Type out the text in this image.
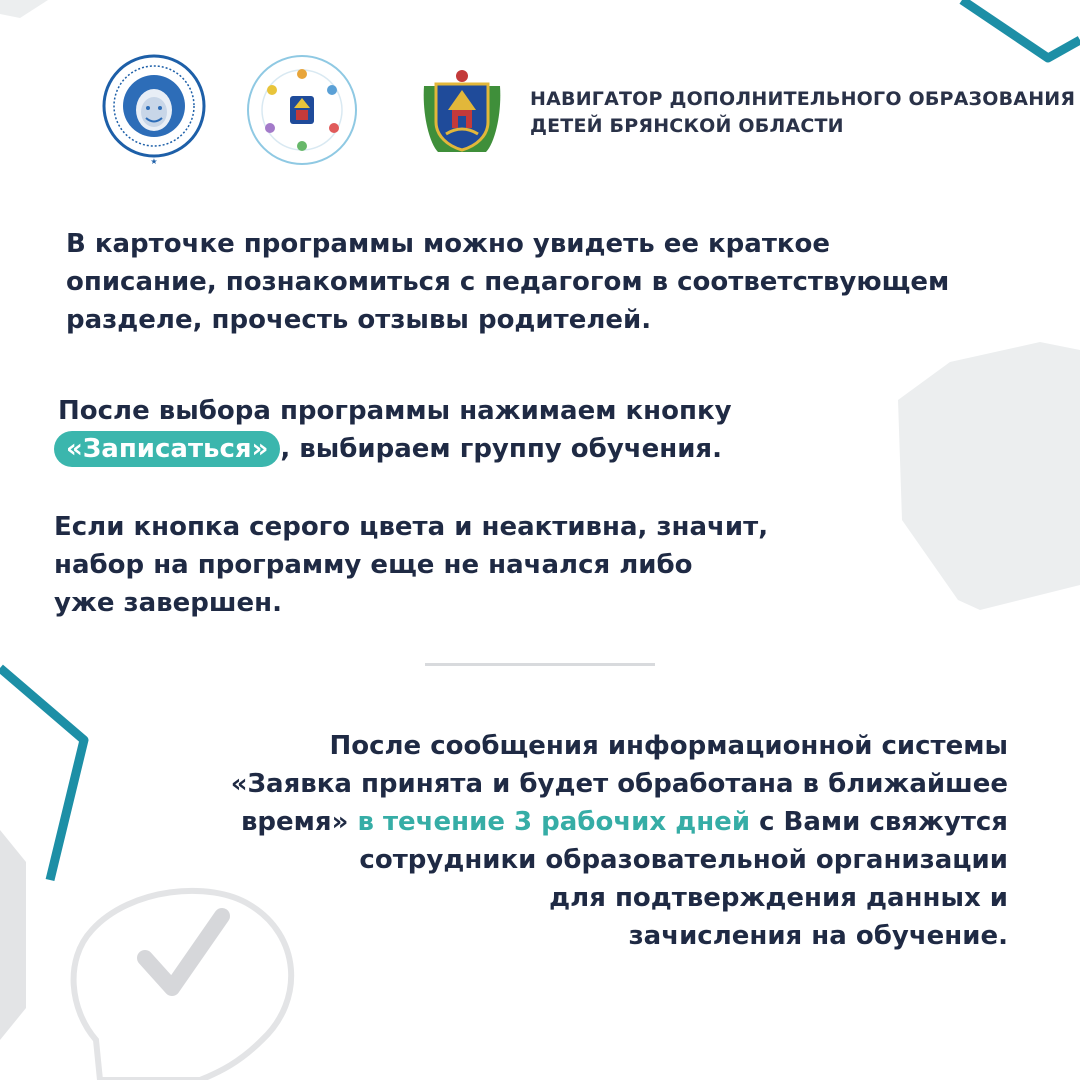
★
НАВИГАТОР ДОПОЛНИТЕЛЬНОГО ОБРАЗОВАНИЯ
ДЕТЕЙ БРЯНСКОЙ ОБЛАСТИ
В карточке программы можно увидеть ее краткое
описание, познакомиться с педагогом в соответствующем
разделе, прочесть отзывы родителей.
После выбора программы нажимаем кнопку
«Записаться» , выбираем группу обучения.
Если кнопка серого цвета и неактивна, значит,
набор на программу еще не начался либо
уже завершен.
После сообщения информационной системы
«Заявка принята и будет обработана в ближайшее
время» в течение 3 рабочих дней с Вами свяжутся
сотрудники образовательной организации
для подтверждения данных и
зачисления на обучение.
